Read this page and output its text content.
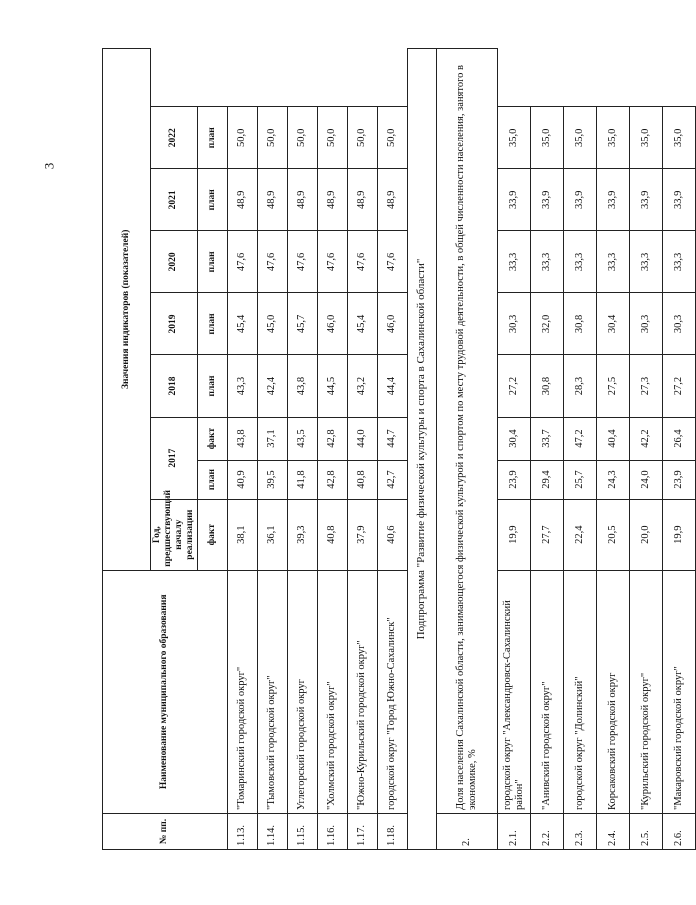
3
№ пп.	Наименование муниципального образования	Значения индикаторов (показателей)							
		Год, предшествующий началу реализации	2017		2018	2019	2020	2021	2022
		факт	план	факт	план	план	план	план	план
1.13.	"Томаринский городской округ"	38,1	40,9	43,8	43,3	45,4	47,6	48,9	50,0
1.14.	"Тымовский городской округ"	36,1	39,5	37,1	42,4	45,0	47,6	48,9	50,0
1.15.	Углегорский городской округ	39,3	41,8	43,5	43,8	45,7	47,6	48,9	50,0
1.16.	"Холмский городской округ"	40,8	42,8	42,8	44,5	46,0	47,6	48,9	50,0
1.17.	"Южно-Курильский городской округ"	37,9	40,8	44,0	43,2	45,4	47,6	48,9	50,0
1.18.	городской округ "Город Южно-Сахалинск"	40,6	42,7	44,7	44,4	46,0	47,6	48,9	50,0
Подпрограмма "Развитие физической культуры и спорта в Сахалинской области"									
2.	Доля населения Сахалинской области, занимающегося физической культурой и спортом по месту трудовой деятельности, в общей численности населения, занятого в экономике, %								
2.1.	городской округ "Александровск-Сахалинский район"	19,9	23,9	30,4	27,2	30,3	33,3	33,9	35,0
2.2.	"Анивский городской округ"	27,7	29,4	33,7	30,8	32,0	33,3	33,9	35,0
2.3.	городской округ "Долинский"	22,4	25,7	47,2	28,3	30,8	33,3	33,9	35,0
2.4.	Корсаковский городской округ	20,5	24,3	40,4	27,5	30,4	33,3	33,9	35,0
2.5.	"Курильский городской округ"	20,0	24,0	42,2	27,3	30,3	33,3	33,9	35,0
2.6.	"Макаровский городской округ"	19,9	23,9	26,4	27,2	30,3	33,3	33,9	35,0
